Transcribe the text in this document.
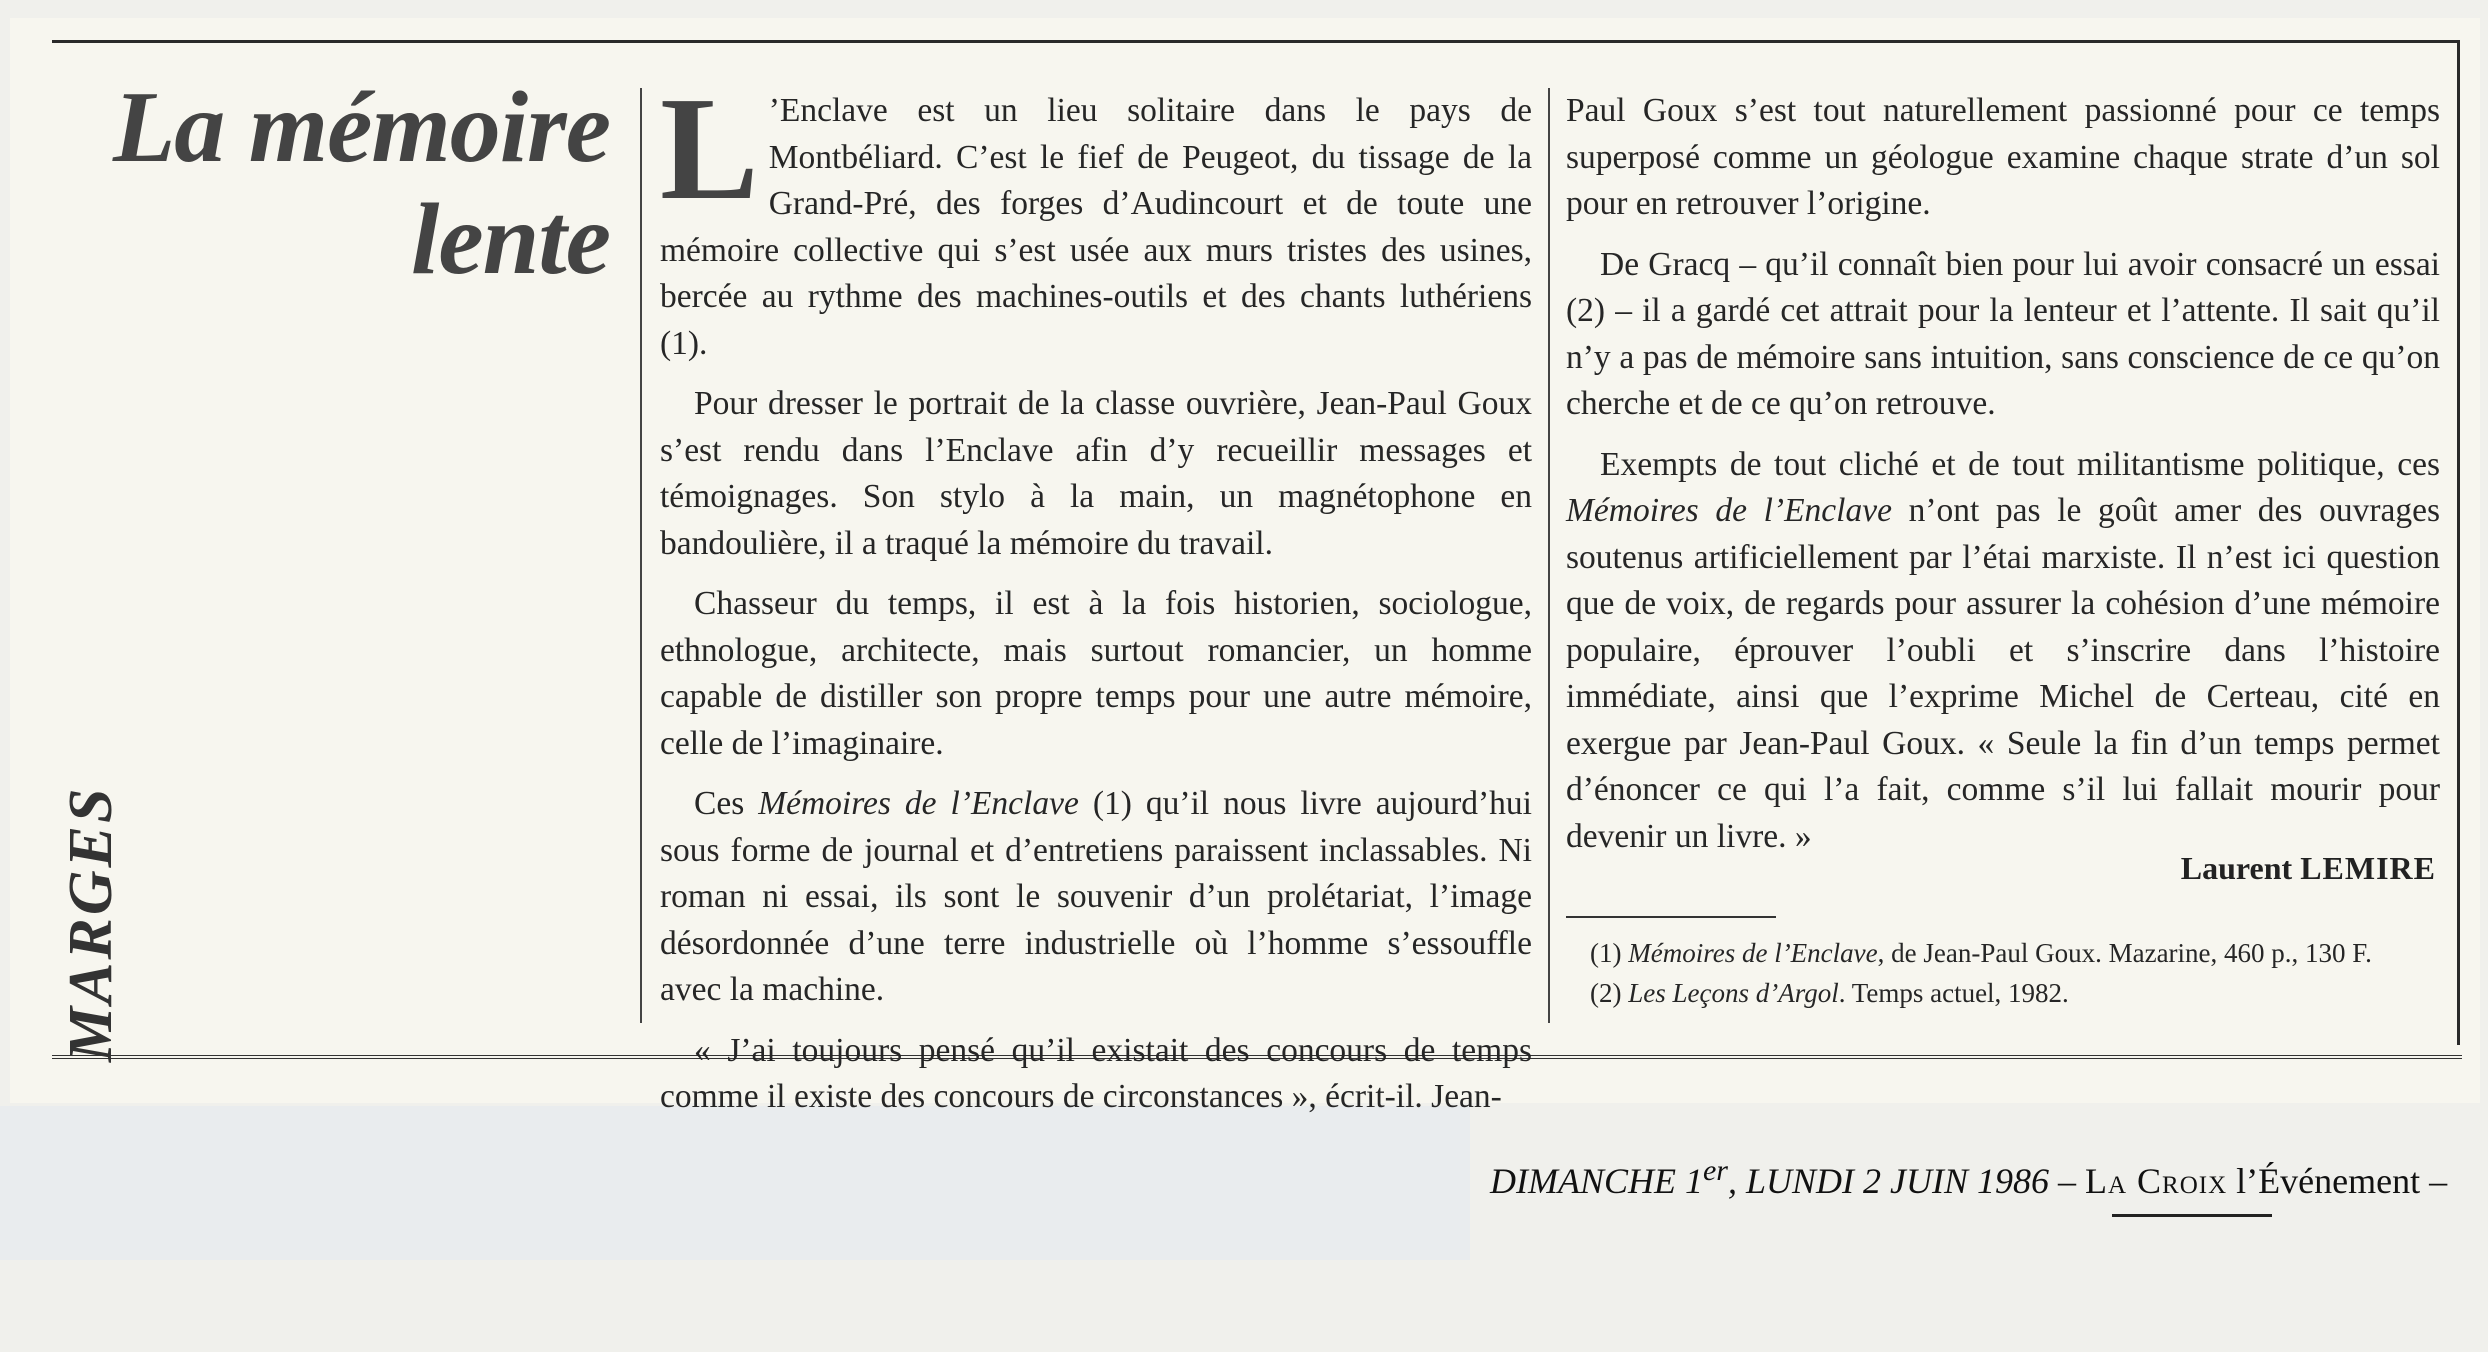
La mémoire
lente
MARGES

L ’Enclave est un lieu solitaire dans le pays de Montbéliard. C’est le fief de Peugeot, du tissage de la Grand-Pré, des forges d’Audincourt et de toute une mémoire collective qui s’est usée aux murs tristes des usines, bercée au rythme des machines-outils et des chants luthériens (1).

Pour dresser le portrait de la classe ouvrière, Jean-Paul Goux s’est rendu dans l’Enclave afin d’y recueillir messages et témoignages. Son stylo à la main, un magnétophone en bandoulière, il a traqué la mémoire du travail.

Chasseur du temps, il est à la fois historien, sociologue, ethnologue, architecte, mais surtout romancier, un homme capable de distiller son propre temps pour une autre mémoire, celle de l’imaginaire.

Ces Mémoires de l’Enclave (1) qu’il nous livre aujourd’hui sous forme de journal et d’entretiens paraissent inclassables. Ni roman ni essai, ils sont le souvenir d’un prolétariat, l’image désordonnée d’une terre industrielle où l’homme s’essouffle avec la machine.

« J’ai toujours pensé qu’il existait des concours de temps comme il existe des concours de circonstances », écrit-il. Jean-

Paul Goux s’est tout naturellement passionné pour ce temps superposé comme un géologue examine chaque strate d’un sol pour en retrouver l’origine.

De Gracq – qu’il connaît bien pour lui avoir consacré un essai (2) – il a gardé cet attrait pour la lenteur et l’attente. Il sait qu’il n’y a pas de mémoire sans intuition, sans conscience de ce qu’on cherche et de ce qu’on retrouve.

Exempts de tout cliché et de tout militantisme politique, ces Mémoires de l’Enclave n’ont pas le goût amer des ouvrages soutenus artificiellement par l’étai marxiste. Il n’est ici question que de voix, de regards pour assurer la cohésion d’une mémoire populaire, éprouver l’oubli et s’inscrire dans l’histoire immédiate, ainsi que l’exprime Michel de Certeau, cité en exergue par Jean-Paul Goux. « Seule la fin d’un temps permet d’énoncer ce qui l’a fait, comme s’il lui fallait mourir pour devenir un livre. »

Laurent LEMIRE
(1) Mémoires de l’Enclave, de Jean-Paul Goux. Mazarine, 460 p., 130 F.
(2) Les Leçons d’Argol. Temps actuel, 1982.
DIMANCHE 1er, LUNDI 2 JUIN 1986 – La Croix l’Événement –
